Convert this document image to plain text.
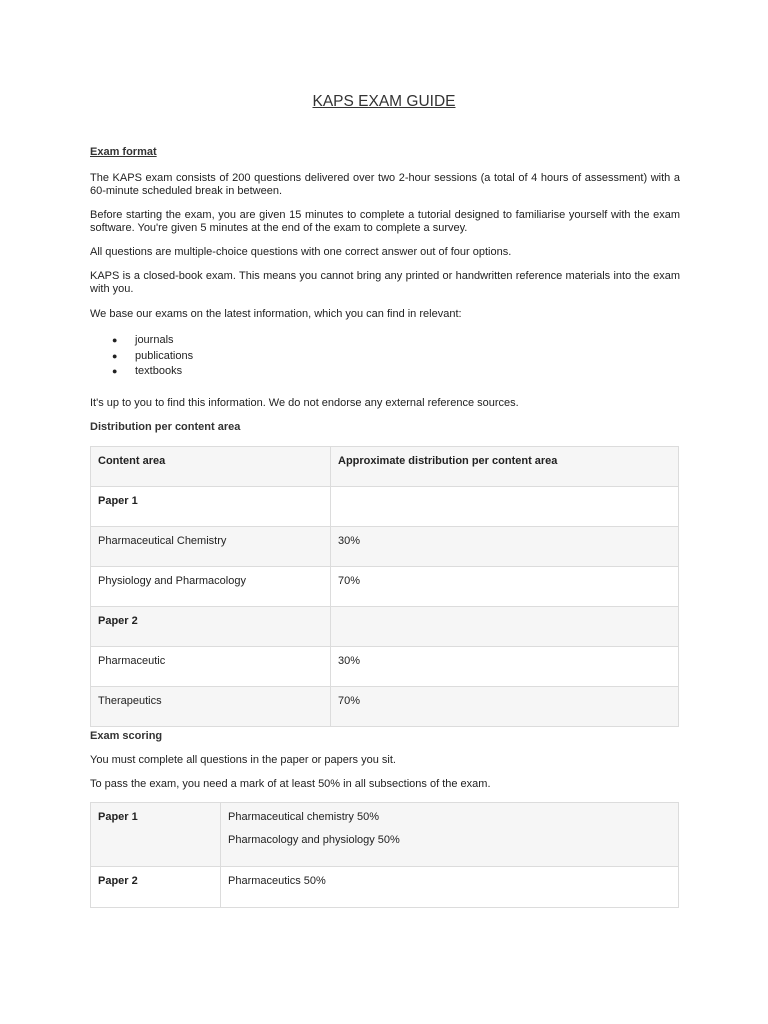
KAPS EXAM GUIDE

Exam format

The KAPS exam consists of 200 questions delivered over two 2-hour sessions (a total of 4 hours of assessment) with a 60-minute scheduled break in between.

Before starting the exam, you are given 15 minutes to complete a tutorial designed to familiarise yourself with the exam software. You're given 5 minutes at the end of the exam to complete a survey.

All questions are multiple-choice questions with one correct answer out of four options.

KAPS is a closed-book exam. This means you cannot bring any printed or handwritten reference materials into the exam with you.

We base our exams on the latest information, which you can find in relevant:

● journals
● publications
● textbooks

It's up to you to find this information. We do not endorse any external reference sources.

Distribution per content area

Content area	Approximate distribution per content area
Paper 1	
Pharmaceutical Chemistry	30%
Physiology and Pharmacology	70%
Paper 2	
Pharmaceutic	30%
Therapeutics	70%

Exam scoring

You must complete all questions in the paper or papers you sit.

To pass the exam, you need a mark of at least 50% in all subsections of the exam.

Paper 1	Pharmaceutical chemistry 50%
Pharmacology and physiology 50%

Paper 2	Pharmaceutics 50%
